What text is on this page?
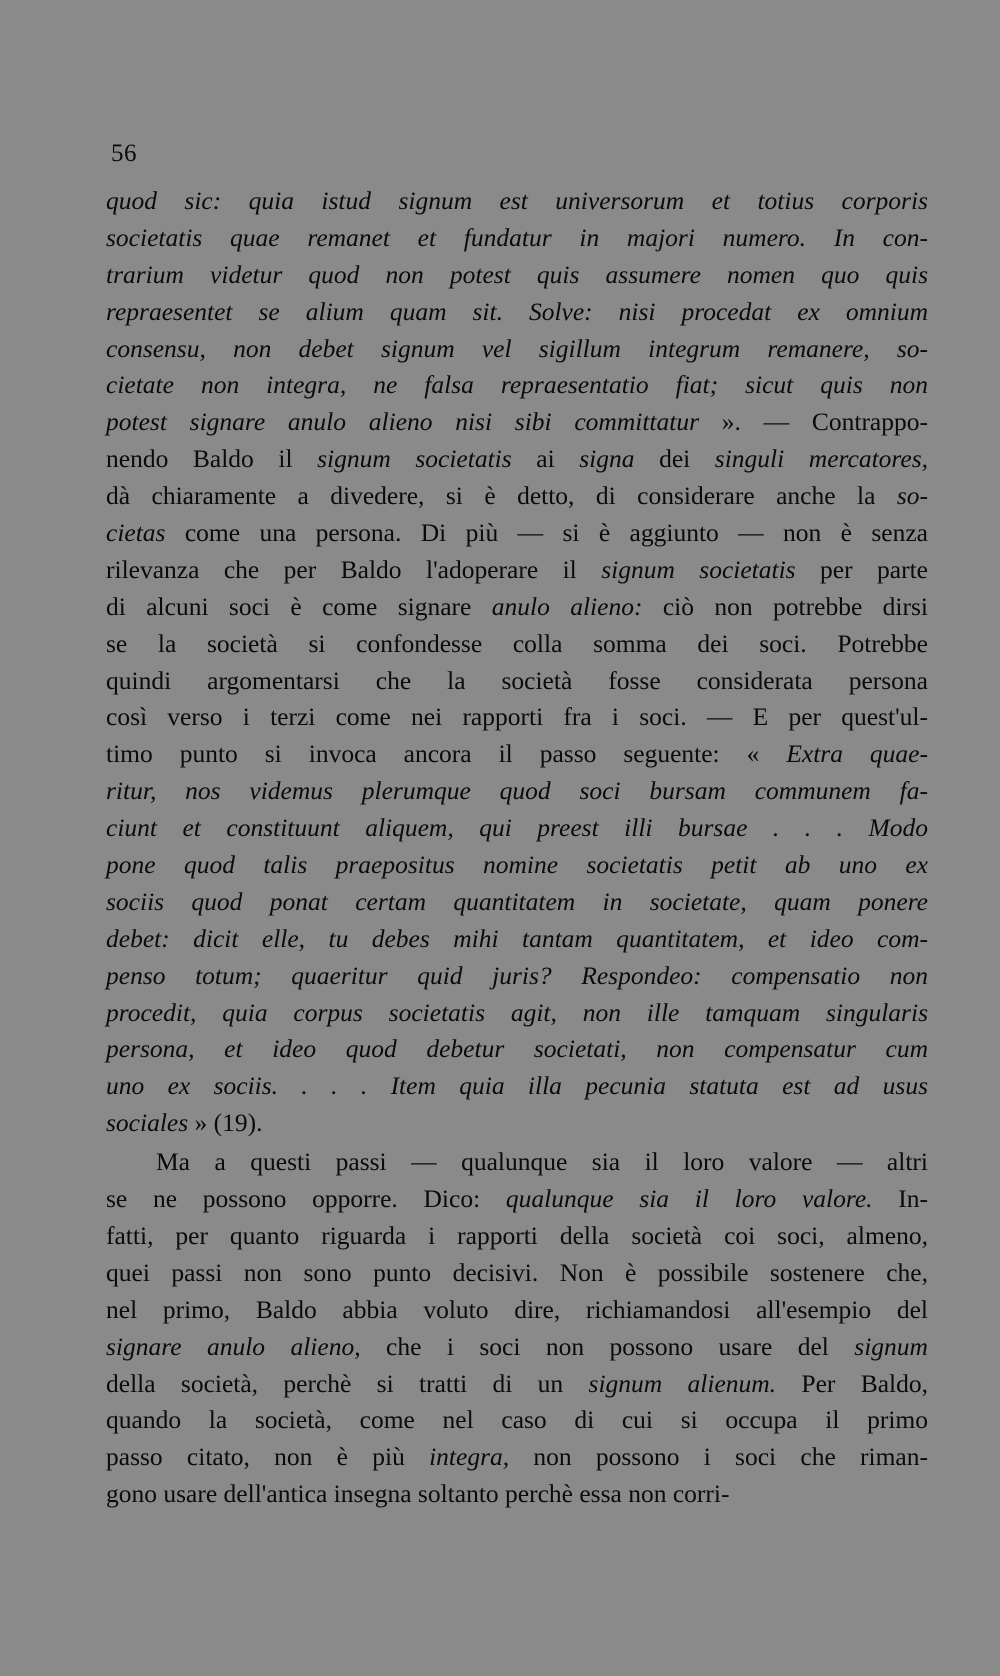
56
quod sic: quia istud signum est universorum et totius corporis
societatis quae remanet et fundatur in majori numero. In con-
trarium videtur quod non potest quis assumere nomen quo quis
repraesentet se alium quam sit. Solve: nisi procedat ex omnium
consensu, non debet signum vel sigillum integrum remanere, so-
cietate non integra, ne falsa repraesentatio fiat; sicut quis non
potest signare anulo alieno nisi sibi committatur ». — Contrappo-
nendo Baldo il signum societatis ai signa dei singuli mercatores,
dà chiaramente a divedere, si è detto, di considerare anche la so-
cietas come una persona. Di più — si è aggiunto — non è senza
rilevanza che per Baldo l'adoperare il signum societatis per parte
di alcuni soci è come signare anulo alieno: ciò non potrebbe dirsi
se la società si confondesse colla somma dei soci. Potrebbe
quindi argomentarsi che la società fosse considerata persona
così verso i terzi come nei rapporti fra i soci. — E per quest'ul-
timo punto si invoca ancora il passo seguente: « Extra quae-
ritur, nos videmus plerumque quod soci bursam communem fa-
ciunt et constituunt aliquem, qui preest illi bursae . . . Modo
pone quod talis praepositus nomine societatis petit ab uno ex
sociis quod ponat certam quantitatem in societate, quam ponere
debet: dicit elle, tu debes mihi tantam quantitatem, et ideo com-
penso totum; quaeritur quid juris? Respondeo: compensatio non
procedit, quia corpus societatis agit, non ille tamquam singularis
persona, et ideo quod debetur societati, non compensatur cum
uno ex sociis. . . . Item quia illa pecunia statuta est ad usus
sociales » (19).
Ma a questi passi — qualunque sia il loro valore — altri
se ne possono opporre. Dico: qualunque sia il loro valore. In-
fatti, per quanto riguarda i rapporti della società coi soci, almeno,
quei passi non sono punto decisivi. Non è possibile sostenere che,
nel primo, Baldo abbia voluto dire, richiamandosi all'esempio del
signare anulo alieno, che i soci non possono usare del signum
della società, perchè si tratti di un signum alienum. Per Baldo,
quando la società, come nel caso di cui si occupa il primo
passo citato, non è più integra, non possono i soci che riman-
gono usare dell'antica insegna soltanto perchè essa non corri-
